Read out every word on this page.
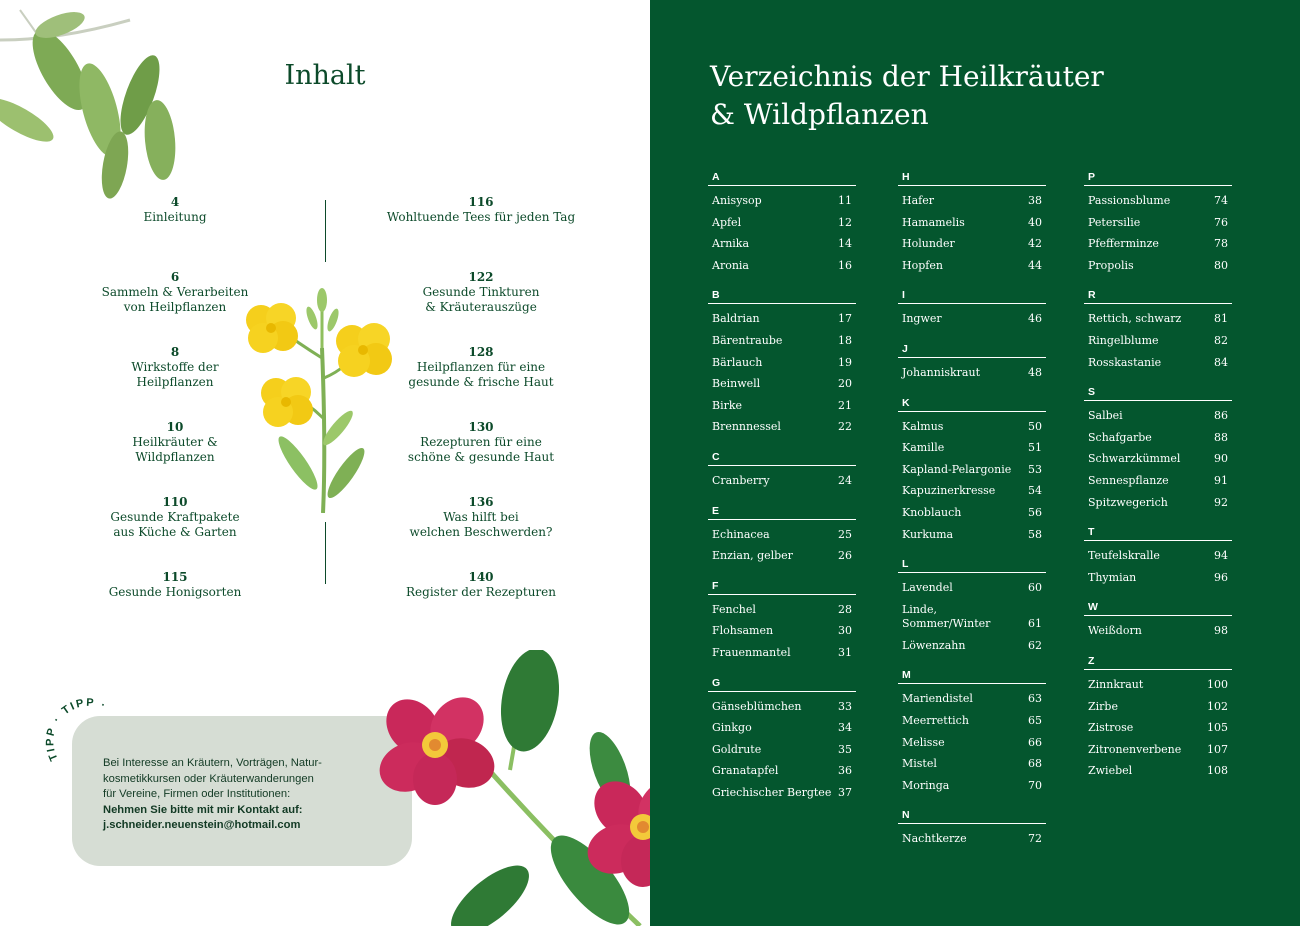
Inhalt
4
Einleitung
6
Sammeln & Verarbeiten
von Heilpflanzen
8
Wirkstoffe der
Heilpflanzen
10
Heilkräuter &
Wildpflanzen
110
Gesunde Kraftpakete
aus Küche & Garten
115
Gesunde Honigsorten
116
Wohltuende Tees für jeden Tag
122
Gesunde Tinkturen
& Kräuterauszüge
128
Heilpflanzen für eine
gesunde & frische Haut
130
Rezepturen für eine
schöne & gesunde Haut
136
Was hilft bei
welchen Beschwerden?
140
Register der Rezepturen
TIPP · TIPP ·
Bei Interesse an Kräutern, Vorträgen, Natur-
kosmetikkursen oder Kräuterwanderungen
für Vereine, Firmen oder Institutionen:
Nehmen Sie bitte mit mir Kontakt auf:
j.schneider.neuenstein@hotmail.com
Verzeichnis der Heilkräuter
& Wildpflanzen
A
Anisysop	11
Apfel	12
Arnika	14
Aronia	16
B
Baldrian	17
Bärentraube	18
Bärlauch	19
Beinwell	20
Birke	21
Brennnessel	22
C
Cranberry	24
E
Echinacea	25
Enzian, gelber	26
F
Fenchel	28
Flohsamen	30
Frauenmantel	31
G
Gänseblümchen	33
Ginkgo	34
Goldrute	35
Granatapfel	36
Griechischer Bergtee 37
H
Hafer	38
Hamamelis	40
Holunder	42
Hopfen	44
I
Ingwer	46
J
Johanniskraut	48
K
Kalmus	50
Kamille	51
Kapland-Pelargonie 53
Kapuzinerkresse	54
Knoblauch	56
Kurkuma	58
L
Lavendel	60
Linde,
Sommer/Winter	61
Löwenzahn	62
M
Mariendistel	63
Meerrettich	65
Melisse	66
Mistel	68
Moringa	70
N
Nachtkerze	72
P
Passionsblume	74
Petersilie	76
Pfefferminze	78
Propolis	80
R
Rettich, schwarz	81
Ringelblume	82
Rosskastanie	84
S
Salbei	86
Schafgarbe	88
Schwarzkümmel	90
Sennespflanze	91
Spitzwegerich	92
T
Teufelskralle	94
Thymian	96
W
Weißdorn	98
Z
Zinnkraut	100
Zirbe	102
Zistrose	105
Zitronenverbene 107
Zwiebel	108
